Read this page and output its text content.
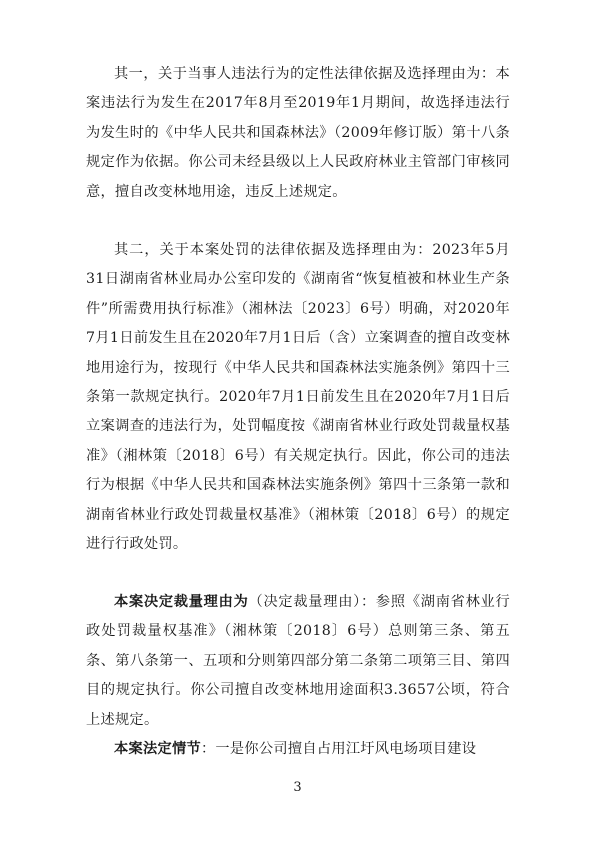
其一，关于当事人违法行为的定性法律依据及选择理由为：本案违法行为发生在2017年8月至2019年1月期间，故选择违法行为发生时的《中华人民共和国森林法》（2009年修订版）第十八条规定作为依据。你公司未经县级以上人民政府林业主管部门审核同意，擅自改变林地用途，违反上述规定。

其二，关于本案处罚的法律依据及选择理由为：2023年5月31日湖南省林业局办公室印发的《湖南省“恢复植被和林业生产条件”所需费用执行标准》（湘林法〔2023〕6号）明确，对2020年7月1日前发生且在2020年7月1日后（含）立案调查的擅自改变林地用途行为，按现行《中华人民共和国森林法实施条例》第四十三条第一款规定执行。2020年7月1日前发生且在2020年7月1日后立案调查的违法行为，处罚幅度按《湖南省林业行政处罚裁量权基准》（湘林策〔2018〕6号）有关规定执行。因此，你公司的违法行为根据《中华人民共和国森林法实施条例》第四十三条第一款和湖南省林业行政处罚裁量权基准》（湘林策〔2018〕6号）的规定进行行政处罚。

本案决定裁量理由为（决定裁量理由）：参照《湖南省林业行政处罚裁量权基准》（湘林策〔2018〕6号）总则第三条、第五条、第八条第一、五项和分则第四部分第二条第二项第三目、第四目的规定执行。你公司擅自改变林地用途面积3.3657公顷，符合上述规定。

本案法定情节：一是你公司擅自占用江圩风电场项目建设

3
